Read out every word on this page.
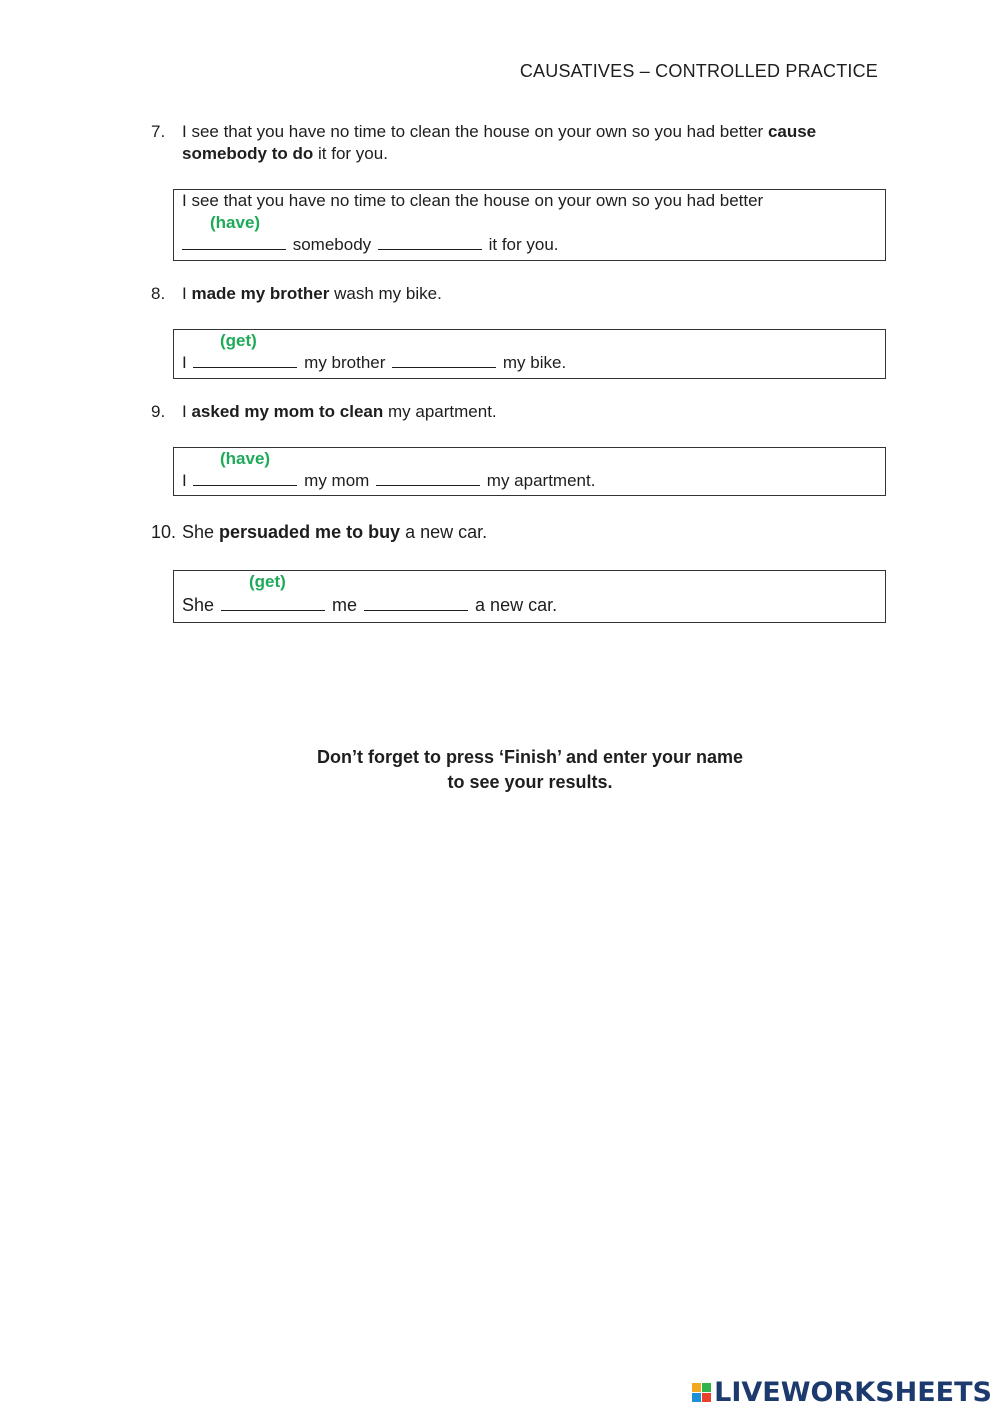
CAUSATIVES – CONTROLLED PRACTICE
7. I see that you have no time to clean the house on your own so you had better cause somebody to do it for you.
I see that you have no time to clean the house on your own so you had better
(have)
somebody	it for you.
8. I made my brother wash my bike.
(get)
I	my brother	my bike.
9. I asked my mom to clean my apartment.
(have)
I	my mom	my apartment.
10. She persuaded me to buy a new car.
(get)
She	me	a new car.
Don’t forget to press ‘Finish’ and enter your name
to see your results.
LIVEWORKSHEETS
